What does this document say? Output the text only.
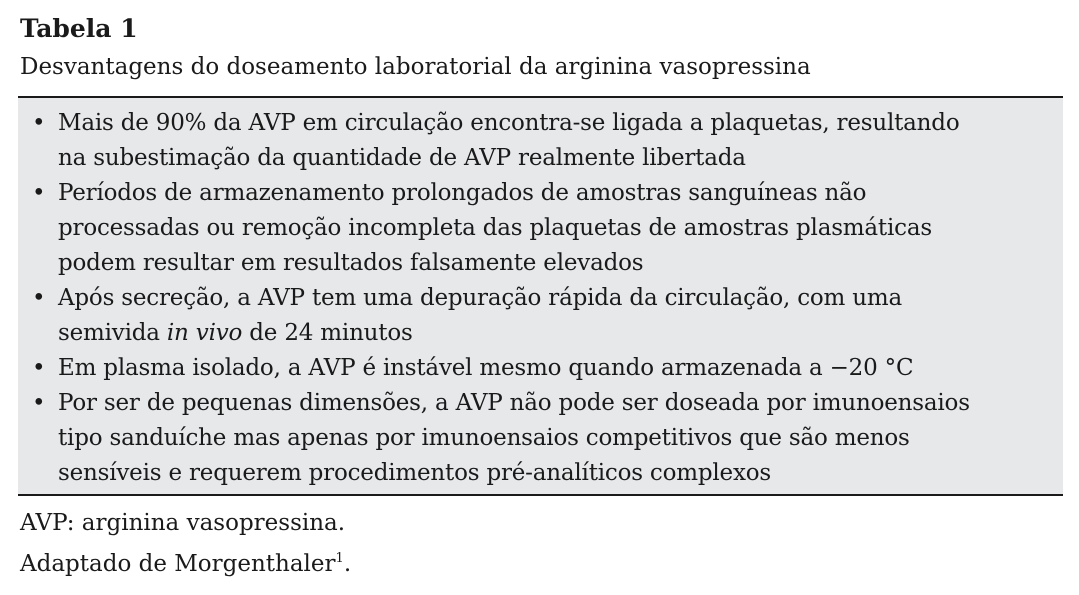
Tabela 1
Desvantagens do doseamento laboratorial da arginina vasopressina
• Mais de 90% da AVP em circulação encontra-se ligada a plaquetas, resultando
na subestimação da quantidade de AVP realmente libertada
• Períodos de armazenamento prolongados de amostras sanguíneas não
processadas ou remoção incompleta das plaquetas de amostras plasmáticas
podem resultar em resultados falsamente elevados
• Após secreção, a AVP tem uma depuração rápida da circulação, com uma
semivida in vivo de 24 minutos
• Em plasma isolado, a AVP é instável mesmo quando armazenada a −20 °C
• Por ser de pequenas dimensões, a AVP não pode ser doseada por imunoensaios
tipo sanduíche mas apenas por imunoensaios competitivos que são menos
sensíveis e requerem procedimentos pré-analíticos complexos
AVP: arginina vasopressina.
Adaptado de Morgenthaler$^1$.
